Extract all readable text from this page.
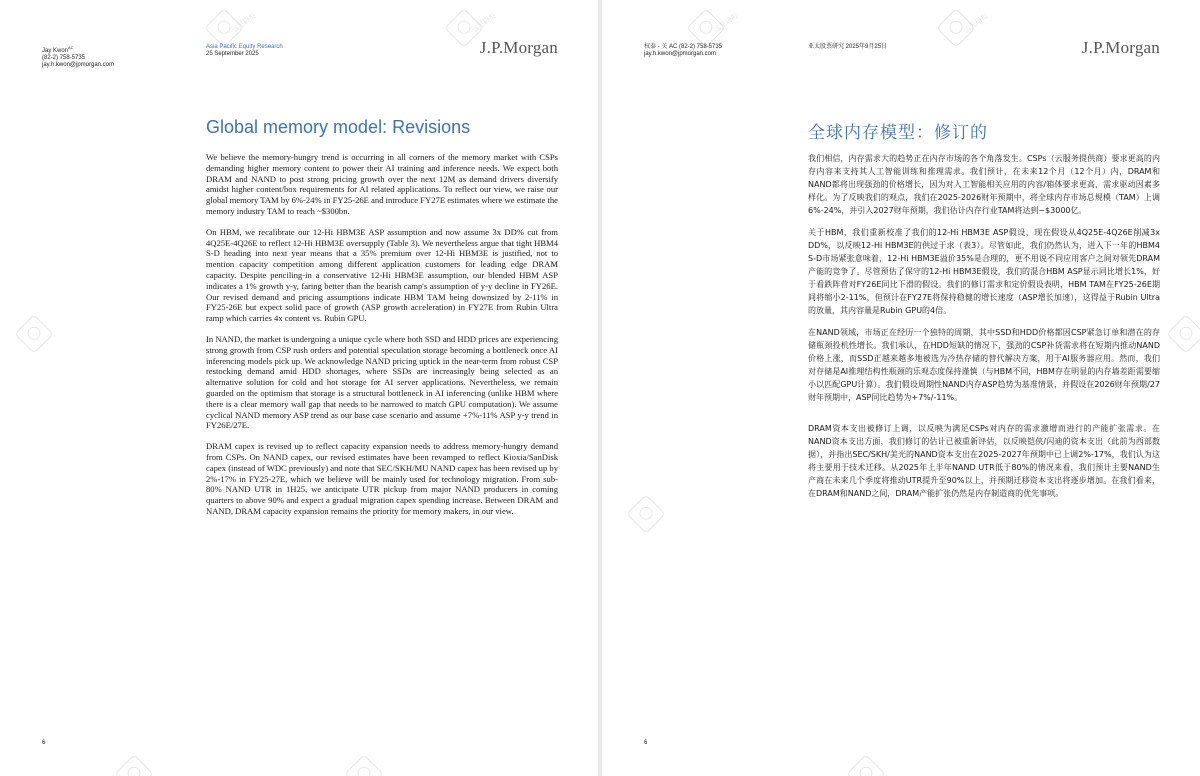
远见研报	远见研报
Jay Kwon$^{AC}$
(82-2) 758-5735
jay.h.kwon@jpmorgan.com
Asia Pacific Equity Research
25 September 2025	J.P.Morgan
Global memory model: Revisions

We believe the memory-hungry trend is occurring in all corners of the memory market with CSPs demanding higher memory content to power their AI training and inference needs. We expect both DRAM and NAND to post strong pricing growth over the next 12M as demand drivers diversify amidst higher content/box requirements for AI related applications. To reflect our view, we raise our global memory TAM by 6%-24% in FY25-26E and introduce FY27E estimates where we estimate the memory industry TAM to reach ~$300bn.

On HBM, we recalibrate our 12-Hi HBM3E ASP assumption and now assume 3x DD% cut from 4Q25E-4Q26E to reflect 12-Hi HBM3E oversupply (Table 3). We nevertheless argue that tight HBM4 S-D heading into next year means that a 35% premium over 12-Hi HBM3E is justified, not to mention capacity competition among different application customers for leading edge DRAM capacity. Despite penciling-in a conservative 12-Hi HBM3E assumption, our blended HBM ASP indicates a 1% growth y-y, faring better than the bearish camp's assumption of y-y decline in FY26E. Our revised demand and pricing assumptions indicate HBM TAM being downsized by 2-11% in FY25-26E but expect solid pace of growth (ASP growth acceleration) in FY27E from Rubin Ultra ramp which carries 4x content vs. Rubin GPU.

In NAND, the market is undergoing a unique cycle where both SSD and HDD prices are experiencing strong growth from CSP rush orders and potential speculation storage becoming a bottleneck once AI inferencing models pick up. We acknowledge NAND pricing uptick in the near-term from robust CSP restocking demand amid HDD shortages, where SSDs are increasingly being selected as an alternative solution for cold and hot storage for AI server applications. Nevertheless, we remain guarded on the optimism that storage is a structural bottleneck in AI inferencing (unlike HBM where there is a clear memory wall gap that needs to be narrowed to match GPU computation). We assume cyclical NAND memory ASP trend as our base case scenario and assume +7%-11% ASP y-y trend in FY26E/27E.

DRAM capex is revised up to reflect capacity expansion needs to address memory-hungry demand from CSPs. On NAND capex, our revised estimates have been revamped to reflect Kioxia/SanDisk capex (instead of WDC previously) and note that SEC/SKH/MU NAND capex has been revised up by 2%-17% in FY25-27E, which we believe will be mainly used for technology migration. From sub-80% NAND UTR in 1H25, we anticipate UTR pickup from major NAND producers in coming quarters to above 90% and expect a gradual migration capex spending increase. Between DRAM and NAND, DRAM capacity expansion remains the priority for memory makers, in our view.

6
远见研报	远见研报
权泰 - 关 AC (82-2) 758-5735
jay.h.kwon@jpmorgan.com
亚太股票研究 2025年9月25日	J.P.Morgan
全球内存模型：修订的

我们相信，内存需求大的趋势正在内存市场的各个角落发生。CSPs（云服务提供商）要求更高的内存内容来支持其人工智能训练和推理需求。我们预计，在未来12个月（12个月）内，DRAM和NAND都将出现强劲的价格增长，因为对人工智能相关应用的内容/箱体要求更高，需求驱动因素多样化。为了反映我们的观点，我们在2025-2026财年预期中，将全球内存市场总规模（TAM）上调6%-24%，并引入2027财年预期，我们估计内存行业TAM将达到~$3000亿。

关于HBM，我们重新校准了我们的12-Hi HBM3E ASP假设，现在假设从4Q25E-4Q26E削减3x DD%，以反映12-Hi HBM3E的供过于求（表3）。尽管如此，我们仍然认为，进入下一年的HBM4 S-D市场紧张意味着，12-Hi HBM3E溢价35%是合理的，更不用说不同应用客户之间对领先DRAM产能的竞争了。尽管预估了保守的12-Hi HBM3E假设，我们的混合HBM ASP显示同比增长1%，好于看跌阵营对FY26E同比下滑的假设。我们的修订需求和定价假设表明，HBM TAM在FY25-26E期间将缩小2-11%，但预计在FY27E将保持稳健的增长速度（ASP增长加速），这得益于Rubin Ultra的放量，其内容量是Rubin GPU的4倍。

在NAND领域，市场正在经历一个独特的周期，其中SSD和HDD价格都因CSP紧急订单和潜在的存储瓶颈投机性增长。我们承认，在HDD短缺的情况下，强劲的CSP补货需求将在短期内推动NAND价格上涨，而SSD正越来越多地被选为冷热存储的替代解决方案，用于AI服务器应用。然而，我们对存储是AI推理结构性瓶颈的乐观态度保持谨慎（与HBM不同，HBM存在明显的内存墙差距需要缩小以匹配GPU计算）。我们假设周期性NAND内存ASP趋势为基准情景，并假设在2026财年预期/27财年预期中，ASP同比趋势为+7%/-11%。

DRAM资本支出被修订上调，以反映为满足CSPs对内存的需求激增而进行的产能扩张需求。在NAND资本支出方面，我们修订的估计已被重新评估，以反映铠侠/闪迪的资本支出（此前为西部数据），并指出SEC/SKH/美光的NAND资本支出在2025-2027年预期中已上调2%-17%，我们认为这将主要用于技术迁移。从2025年上半年NAND UTR低于80%的情况来看，我们预计主要NAND生产商在未来几个季度将推动UTR提升至90%以上，并预期迁移资本支出将逐步增加。在我们看来，在DRAM和NAND之间，DRAM产能扩张仍然是内存制造商的优先事项。

6
